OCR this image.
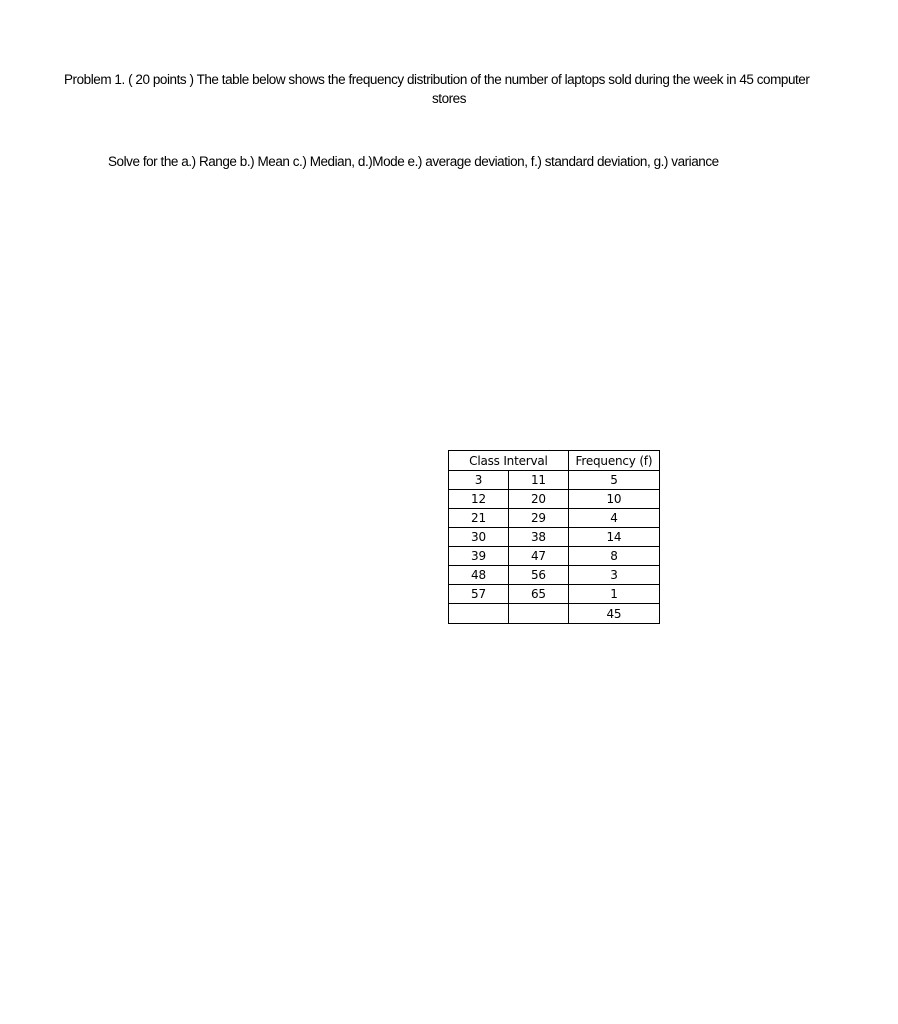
Problem 1. ( 20 points ) The table below shows the frequency distribution of the number of laptops sold during the week in 45 computer
stores
Solve for the a.) Range b.) Mean c.) Median, d.)Mode e.) average deviation, f.) standard deviation, g.) variance
Class Interval		Frequency (f)
3	11	5
12	20	10
21	29	4
30	38	14
39	47	8
48	56	3
57	65	1
		45
